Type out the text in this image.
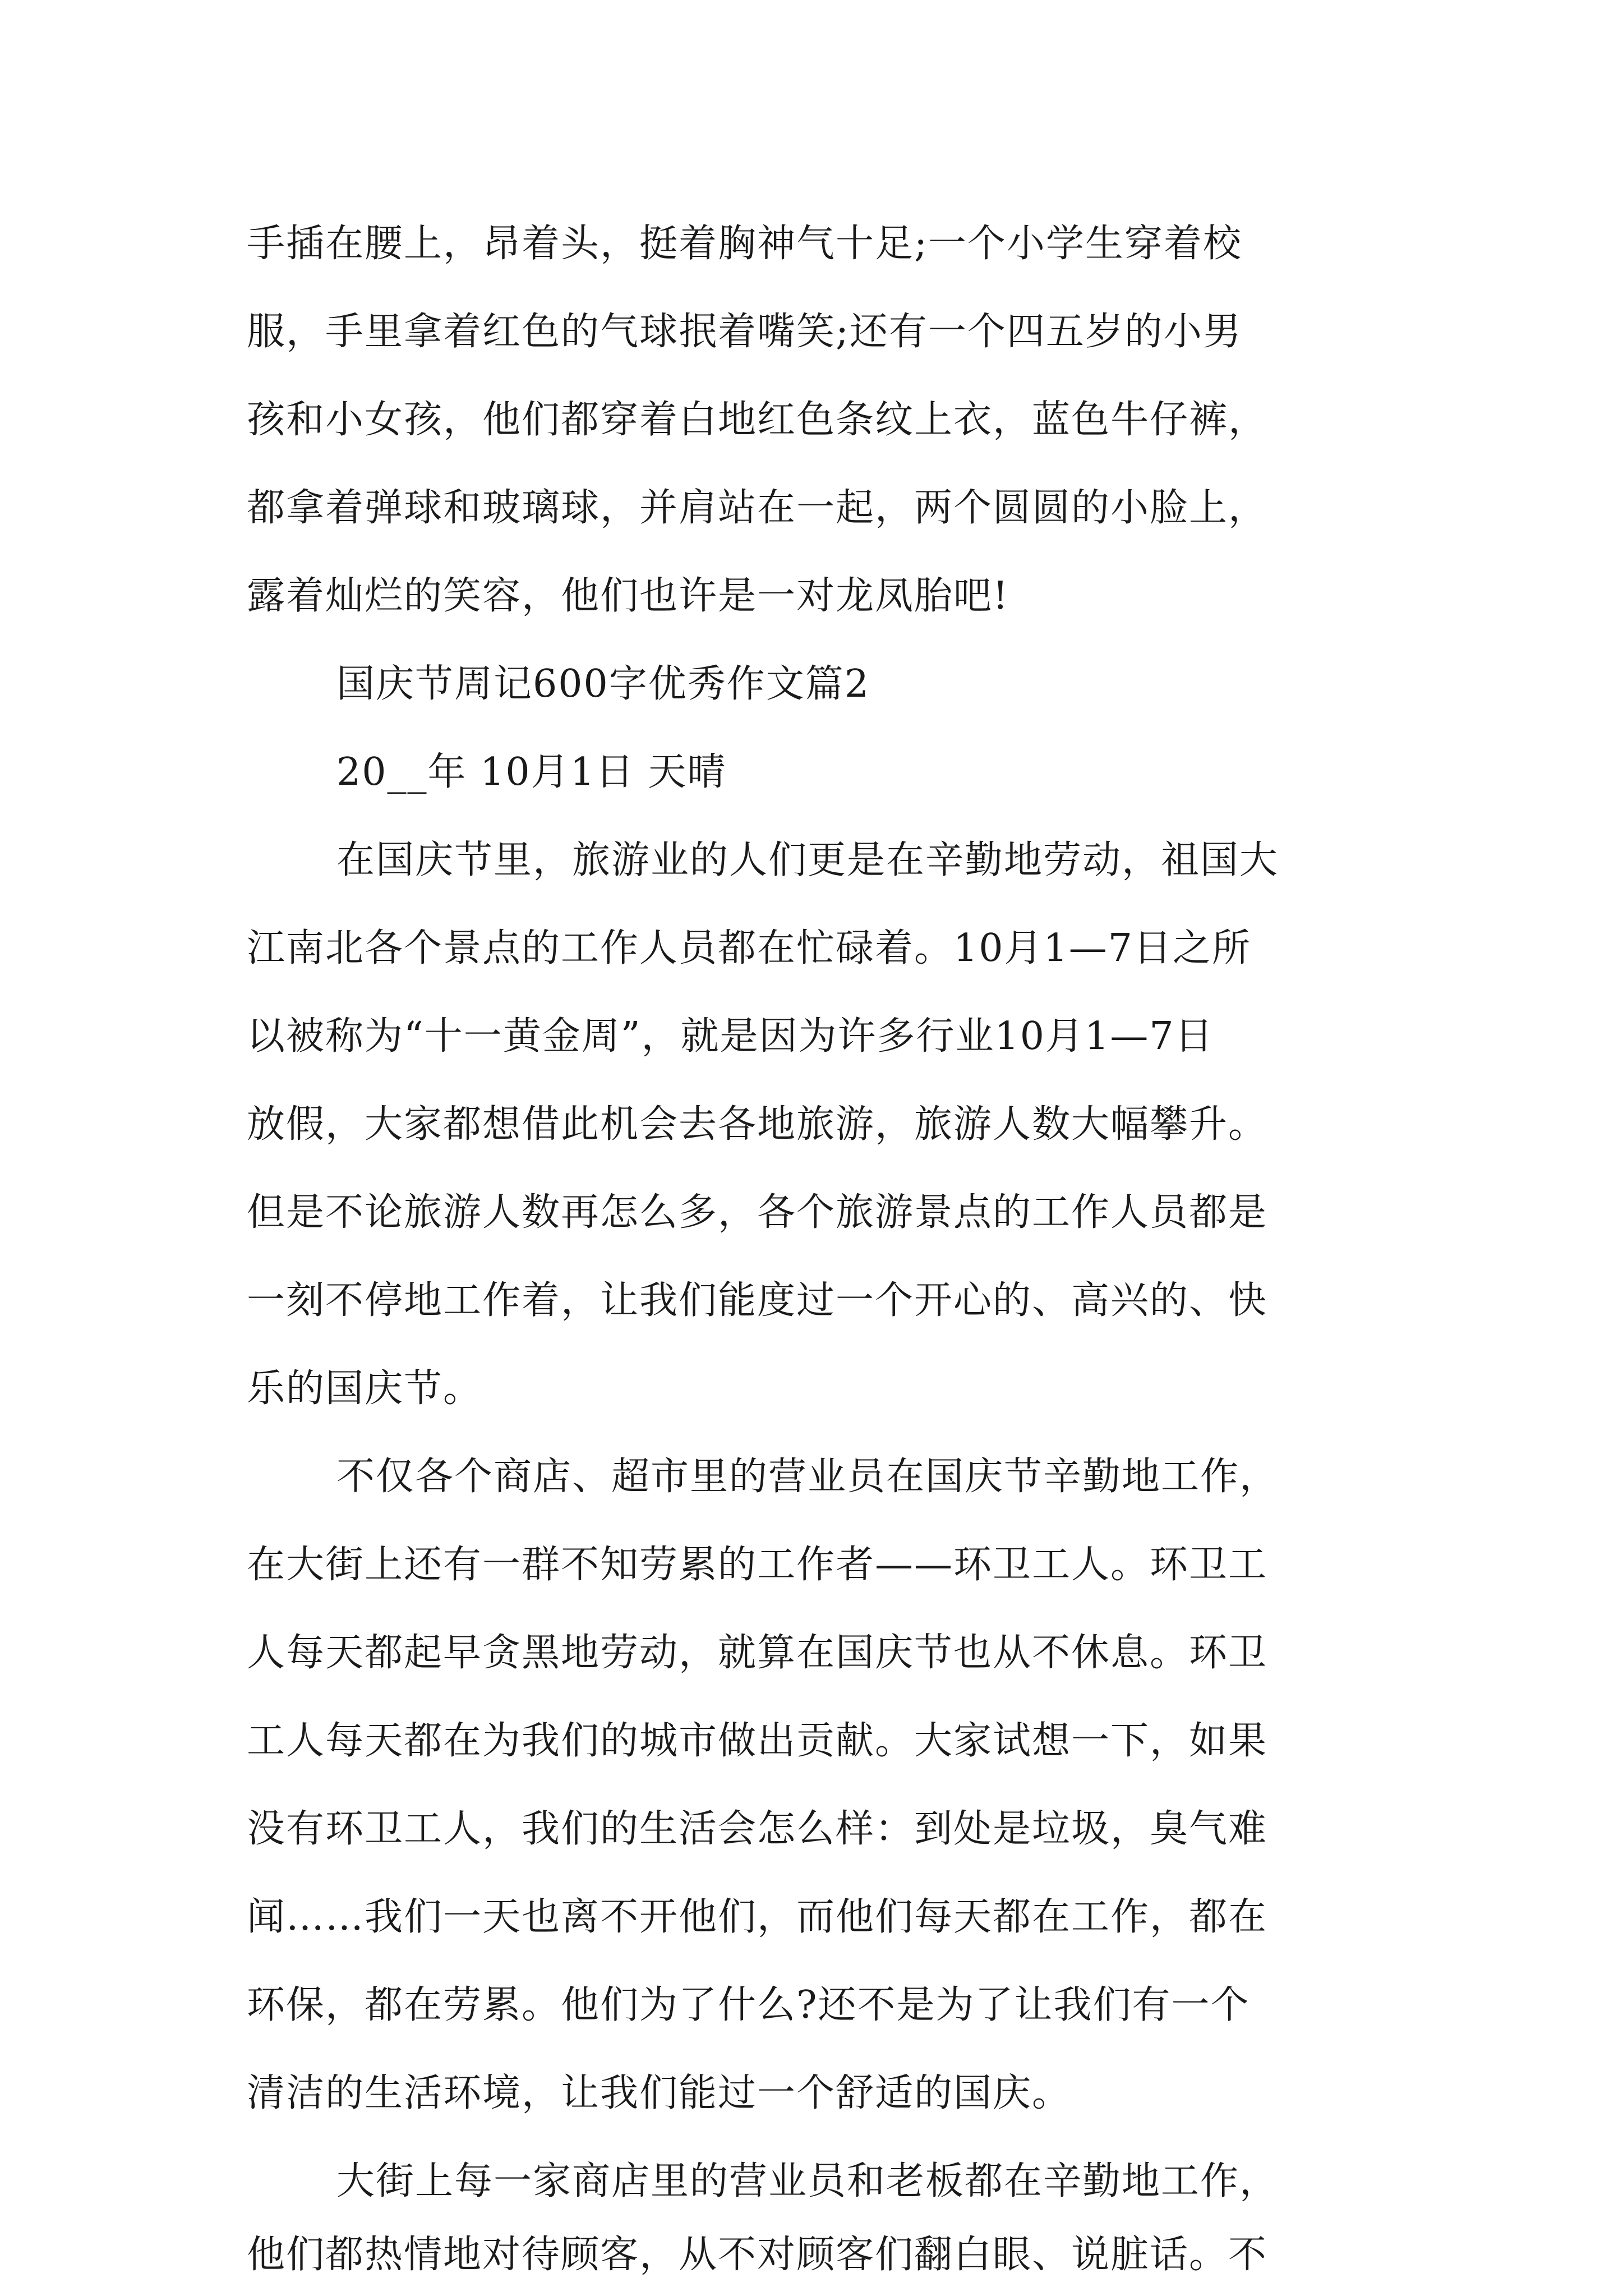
手插在腰上，昂着头，挺着胸神气十足;一个小学生穿着校
服，手里拿着红色的气球抿着嘴笑;还有一个四五岁的小男
孩和小女孩，他们都穿着白地红色条纹上衣，蓝色牛仔裤，
都拿着弹球和玻璃球，并肩站在一起，两个圆圆的小脸上，
露着灿烂的笑容，他们也许是一对龙凤胎吧!
国庆节周记600字优秀作文篇2
20__年 10月1日 天晴
在国庆节里，旅游业的人们更是在辛勤地劳动，祖国大
江南北各个景点的工作人员都在忙碌着。10月1—7日之所
以被称为“十一黄金周”，就是因为许多行业10月1—7日
放假，大家都想借此机会去各地旅游，旅游人数大幅攀升。
但是不论旅游人数再怎么多，各个旅游景点的工作人员都是
一刻不停地工作着，让我们能度过一个开心的、高兴的、快
乐的国庆节。
不仅各个商店、超市里的营业员在国庆节辛勤地工作，
在大街上还有一群不知劳累的工作者——环卫工人。环卫工
人每天都起早贪黑地劳动，就算在国庆节也从不休息。环卫
工人每天都在为我们的城市做出贡献。大家试想一下，如果
没有环卫工人，我们的生活会怎么样：到处是垃圾，臭气难
闻……我们一天也离不开他们，而他们每天都在工作，都在
环保，都在劳累。他们为了什么?还不是为了让我们有一个
清洁的生活环境，让我们能过一个舒适的国庆。
大街上每一家商店里的营业员和老板都在辛勤地工作，
他们都热情地对待顾客，从不对顾客们翻白眼、说脏话。不
